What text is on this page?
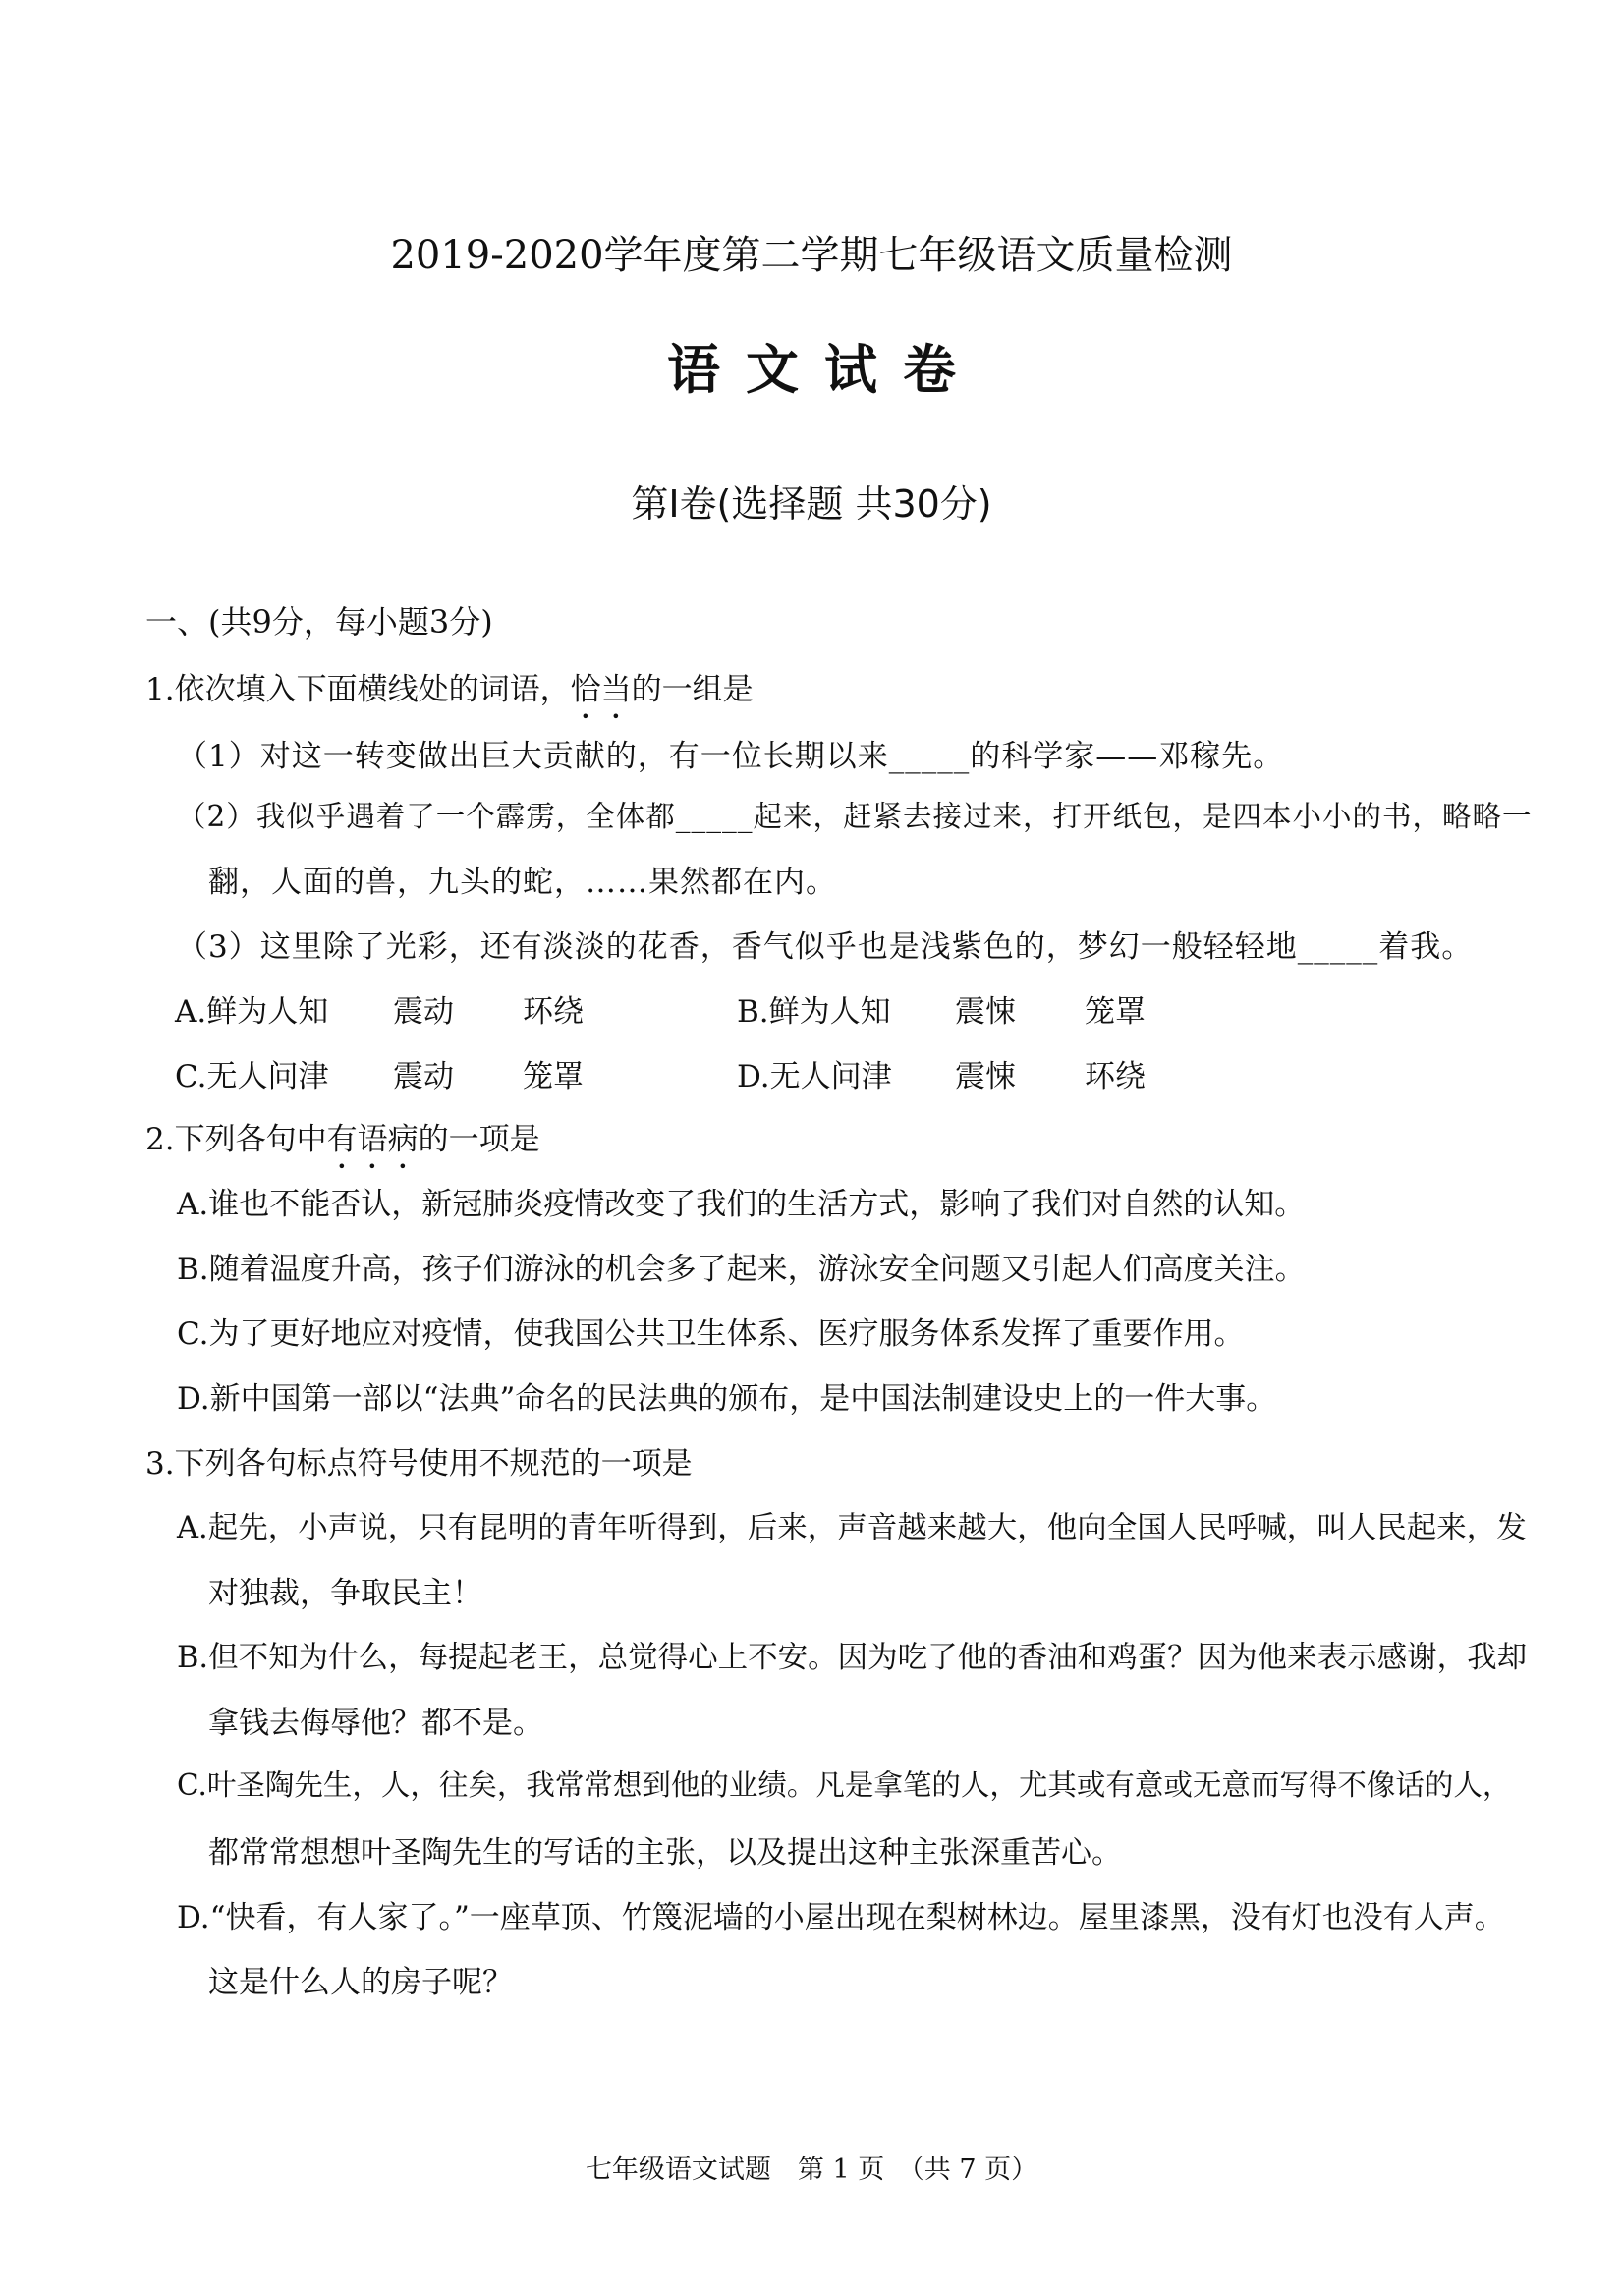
2019-2020学年度第二学期七年级语文质量检测
语文试卷
第Ⅰ卷(选择题 共30分)
一、(共9分，每小题3分)
1.依次填入下面横线处的词语，恰当的一组是
（1）对这一转变做出巨大贡献的，有一位长期以来_____的科学家——邓稼先。
（2）我似乎遇着了一个霹雳，全体都_____起来，赶紧去接过来，打开纸包，是四本小小的书，略略一
翻，人面的兽，九头的蛇，……果然都在内。
（3）这里除了光彩，还有淡淡的花香，香气似乎也是浅紫色的，梦幻一般轻轻地_____着我。
A.鲜为人知 震动 环绕	B.鲜为人知 震悚 笼罩
C.无人问津 震动 笼罩	D.无人问津 震悚 环绕
2.下列各句中有语病的一项是
A.谁也不能否认，新冠肺炎疫情改变了我们的生活方式，影响了我们对自然的认知。
B.随着温度升高，孩子们游泳的机会多了起来，游泳安全问题又引起人们高度关注。
C.为了更好地应对疫情，使我国公共卫生体系、医疗服务体系发挥了重要作用。
D.新中国第一部以“法典”命名的民法典的颁布，是中国法制建设史上的一件大事。
3.下列各句标点符号使用不规范的一项是
A.起先，小声说，只有昆明的青年听得到，后来，声音越来越大，他向全国人民呼喊，叫人民起来，发
对独裁，争取民主！
B.但不知为什么，每提起老王，总觉得心上不安。因为吃了他的香油和鸡蛋？因为他来表示感谢，我却
拿钱去侮辱他？都不是。
C.叶圣陶先生，人，往矣，我常常想到他的业绩。凡是拿笔的人，尤其或有意或无意而写得不像话的人，
都常常想想叶圣陶先生的写话的主张，以及提出这种主张深重苦心。
D.“快看，有人家了。”一座草顶、竹篾泥墙的小屋出现在梨树林边。屋里漆黑，没有灯也没有人声。
这是什么人的房子呢？
七年级语文试题　第 1 页　（共 7 页）
